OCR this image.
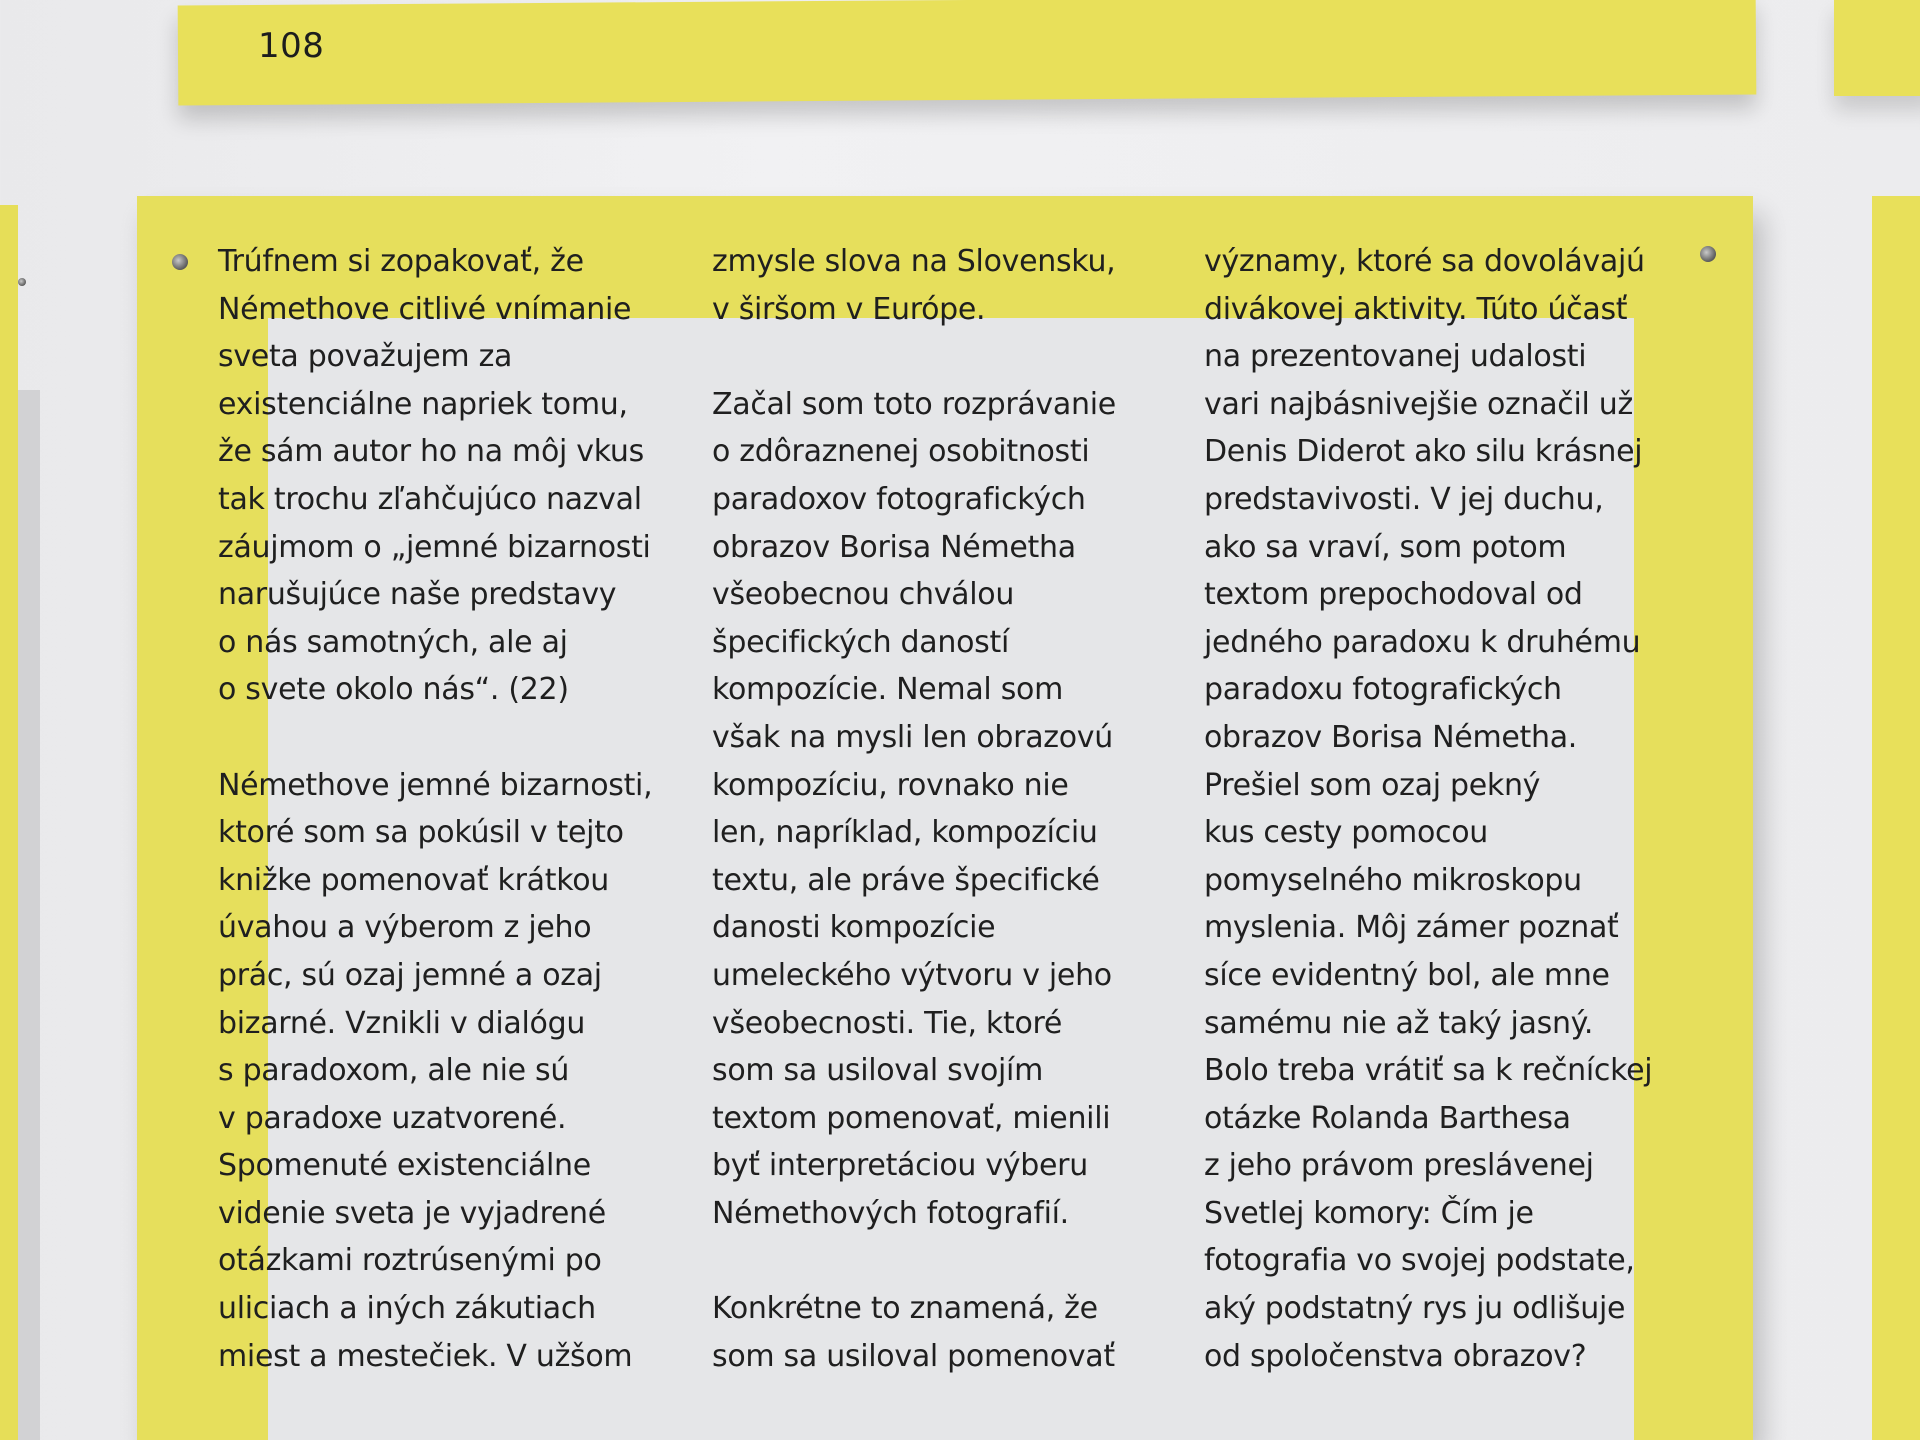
108
Trúfnem si zopakovať, že
Némethove citlivé vnímanie
sveta považujem za
existenciálne napriek tomu,
že sám autor ho na môj vkus
tak trochu zľahčujúco nazval
záujmom o „jemné bizarnosti
narušujúce naše predstavy
o nás samotných, ale aj
o svete okolo nás“. (22)
Némethove jemné bizarnosti,
ktoré som sa pokúsil v tejto
knižke pomenovať krátkou
úvahou a výberom z jeho
prác, sú ozaj jemné a ozaj
bizarné. Vznikli v dialógu
s paradoxom, ale nie sú
v paradoxe uzatvorené.
Spomenuté existenciálne
videnie sveta je vyjadrené
otázkami roztrúsenými po
uliciach a iných zákutiach
miest a mestečiek. V užšom
zmysle slova na Slovensku,
v širšom v Európe.
Začal som toto rozprávanie
o zdôraznenej osobitnosti
paradoxov fotografických
obrazov Borisa Németha
všeobecnou chválou
špecifických daností
kompozície. Nemal som
však na mysli len obrazovú
kompozíciu, rovnako nie
len, napríklad, kompozíciu
textu, ale práve špecifické
danosti kompozície
umeleckého výtvoru v jeho
všeobecnosti. Tie, ktoré
som sa usiloval svojím
textom pomenovať, mienili
byť interpretáciou výberu
Némethových fotografií.
Konkrétne to znamená, že
som sa usiloval pomenovať
významy, ktoré sa dovolávajú
divákovej aktivity. Túto účasť
na prezentovanej udalosti
vari najbásnivejšie označil už
Denis Diderot ako silu krásnej
predstavivosti. V jej duchu,
ako sa vraví, som potom
textom prepochodoval od
jedného paradoxu k druhému
paradoxu fotografických
obrazov Borisa Németha.
Prešiel som ozaj pekný
kus cesty pomocou
pomyselného mikroskopu
myslenia. Môj zámer poznať
síce evidentný bol, ale mne
samému nie až taký jasný.
Bolo treba vrátiť sa k rečníckej
otázke Rolanda Barthesa
z jeho právom preslávenej
Svetlej komory: Čím je
fotografia vo svojej podstate,
aký podstatný rys ju odlišuje
od spoločenstva obrazov?
